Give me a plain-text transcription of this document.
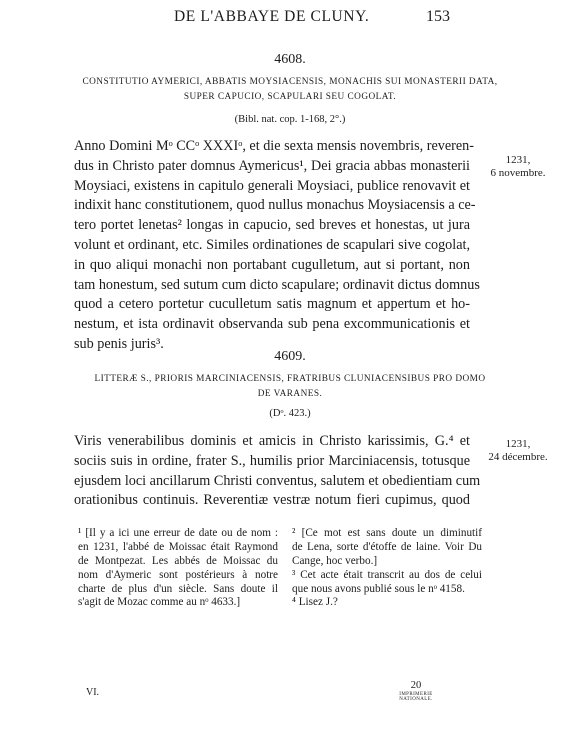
DE L'ABBAYE DE CLUNY.	153
4608.
CONSTITUTIO AYMERICI, ABBATIS MOYSIACENSIS, MONACHIS SUI MONASTERII DATA,
SUPER CAPUCIO, SCAPULARI SEU COGOLAT.
(Bibl. nat. cop. 1-168, 2°.)
1231,
6 novembre.
Anno Domini Mᵒ CCᵒ XXXIᵒ, et die sexta mensis novembris, reveren-
dus in Christo pater domnus Aymericus¹, Dei gracia abbas monasterii
Moysiaci, existens in capitulo generali Moysiaci, publice renovavit et
indixit hanc constitutionem, quod nullus monachus Moysiacensis a ce-
tero portet lenetas² longas in capucio, sed breves et honestas, ut jura
volunt et ordinant, etc. Similes ordinationes de scapulari sive cogolat,
in quo aliqui monachi non portabant cugulletum, aut si portant, non
tam honestum, sed sutum cum dicto scapulare; ordinavit dictus domnus
quod a cetero portetur cuculletum satis magnum et appertum et ho-
nestum, et ista ordinavit observanda sub pena excommunicationis et
sub penis juris³.
4609.
LITTERÆ S., PRIORIS MARCINIACENSIS, FRATRIBUS CLUNIACENSIBUS PRO DOMO
DE VARANES.
(Dᵒ. 423.)
1231,
24 décembre.
Viris venerabilibus dominis et amicis in Christo karissimis, G.⁴ et
sociis suis in ordine, frater S., humilis prior Marciniacensis, totusque
ejusdem loci ancillarum Christi conventus, salutem et obedientiam cum
orationibus continuis. Reverentiæ vestræ notum fieri cupimus, quod
¹ [Il y a ici une erreur de date ou de nom :
en 1231, l'abbé de Moissac était Raymond
de Montpezat. Les abbés de Moissac du
nom d'Aymeric sont postérieurs à notre
charte de plus d'un siècle. Sans doute il
s'agit de Mozac comme au nᵒ 4633.]
² [Ce mot est sans doute un diminutif
de Lena, sorte d'étoffe de laine. Voir Du
Cange, hoc verbo.]
³ Cet acte était transcrit au dos de celui
que nous avons publié sous le nᵒ 4158.
⁴ Lisez J.?
VI.
20
IMPRIMERIE NATIONALE.
